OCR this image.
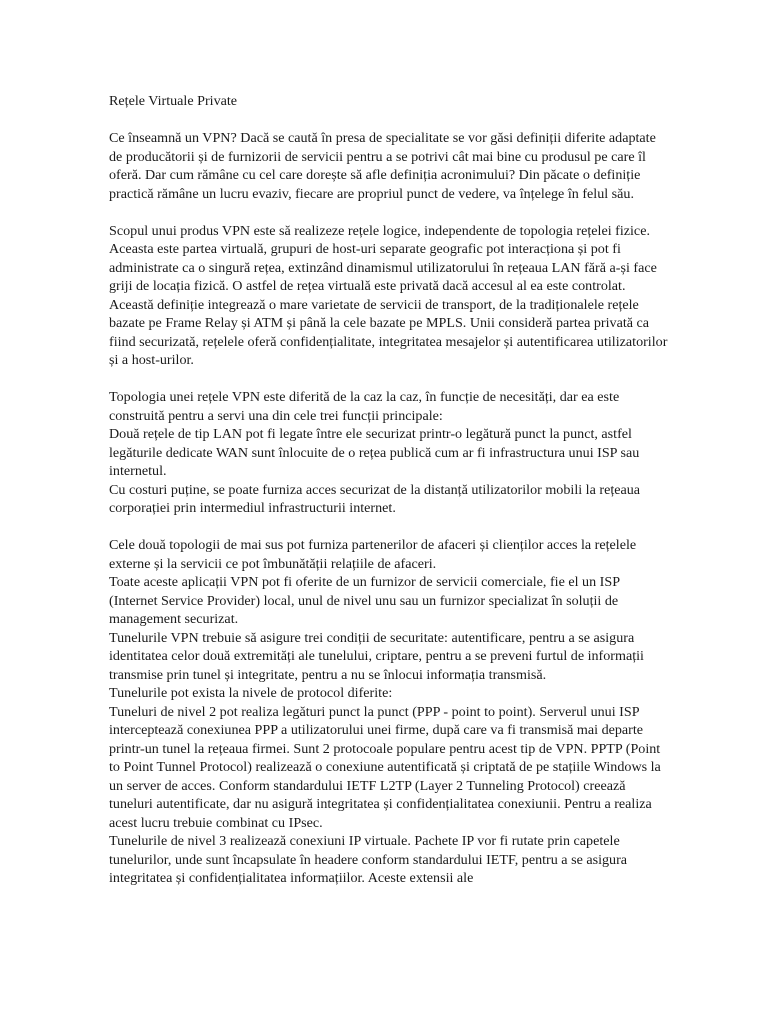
Rețele Virtuale Private

Ce înseamnă un VPN? Dacă se caută în presa de specialitate se vor găsi definiții diferite adaptate de producătorii și de furnizorii de servicii pentru a se potrivi cât mai bine cu produsul pe care îl oferă. Dar cum rămâne cu cel care dorește să afle definiția acronimului? Din păcate o definiție practică rămâne un lucru evaziv, fiecare are propriul punct de vedere, va înțelege în felul său.

Scopul unui produs VPN este să realizeze rețele logice, independente de topologia rețelei fizice. Aceasta este partea virtuală, grupuri de host-uri separate geografic pot interacționa și pot fi administrate ca o singură rețea, extinzând dinamismul utilizatorului în rețeaua LAN fără a-și face griji de locația fizică. O astfel de rețea virtuală este privată dacă accesul al ea este controlat. Această definiție integrează o mare varietate de servicii de transport, de la tradiționalele rețele bazate pe Frame Relay și ATM și până la cele bazate pe MPLS. Unii consideră partea privată ca fiind securizată, rețelele oferă confidențialitate, integritatea mesajelor și autentificarea utilizatorilor și a host-urilor.

Topologia unei rețele VPN este diferită de la caz la caz, în funcție de necesități, dar ea este construită pentru a servi una din cele trei funcții principale:

Două rețele de tip LAN pot fi legate între ele securizat printr-o legătură punct la punct, astfel legăturile dedicate WAN sunt înlocuite de o rețea publică cum ar fi infrastructura unui ISP sau internetul.

Cu costuri puține, se poate furniza acces securizat de la distanță utilizatorilor mobili la rețeaua corporației prin intermediul infrastructurii internet.

Cele două topologii de mai sus pot furniza partenerilor de afaceri și clienților acces la rețelele externe și la servicii ce pot îmbunătății relațiile de afaceri.

Toate aceste aplicații VPN pot fi oferite de un furnizor de servicii comerciale, fie el un ISP (Internet Service Provider) local, unul de nivel unu sau un furnizor specializat în soluții de management securizat.

Tunelurile VPN trebuie să asigure trei condiții de securitate: autentificare, pentru a se asigura identitatea celor două extremități ale tunelului, criptare, pentru a se preveni furtul de informații transmise prin tunel și integritate, pentru a nu se înlocui informația transmisă.

Tunelurile pot exista la nivele de protocol diferite:

Tuneluri de nivel 2 pot realiza legături punct la punct (PPP - point to point). Serverul unui ISP interceptează conexiunea PPP a utilizatorului unei firme, după care va fi transmisă mai departe printr-un tunel la rețeaua firmei. Sunt 2 protocoale populare pentru acest tip de VPN. PPTP (Point to Point Tunnel Protocol) realizează o conexiune autentificată și criptată de pe stațiile Windows la un server de acces. Conform standardului IETF L2TP (Layer 2 Tunneling Protocol) creează tuneluri autentificate, dar nu asigură integritatea și confidențialitatea conexiunii. Pentru a realiza acest lucru trebuie combinat cu IPsec.

Tunelurile de nivel 3 realizează conexiuni IP virtuale. Pachete IP vor fi rutate prin capetele tunelurilor, unde sunt încapsulate în headere conform standardului IETF, pentru a se asigura integritatea și confidențialitatea informațiilor. Aceste extensii ale
